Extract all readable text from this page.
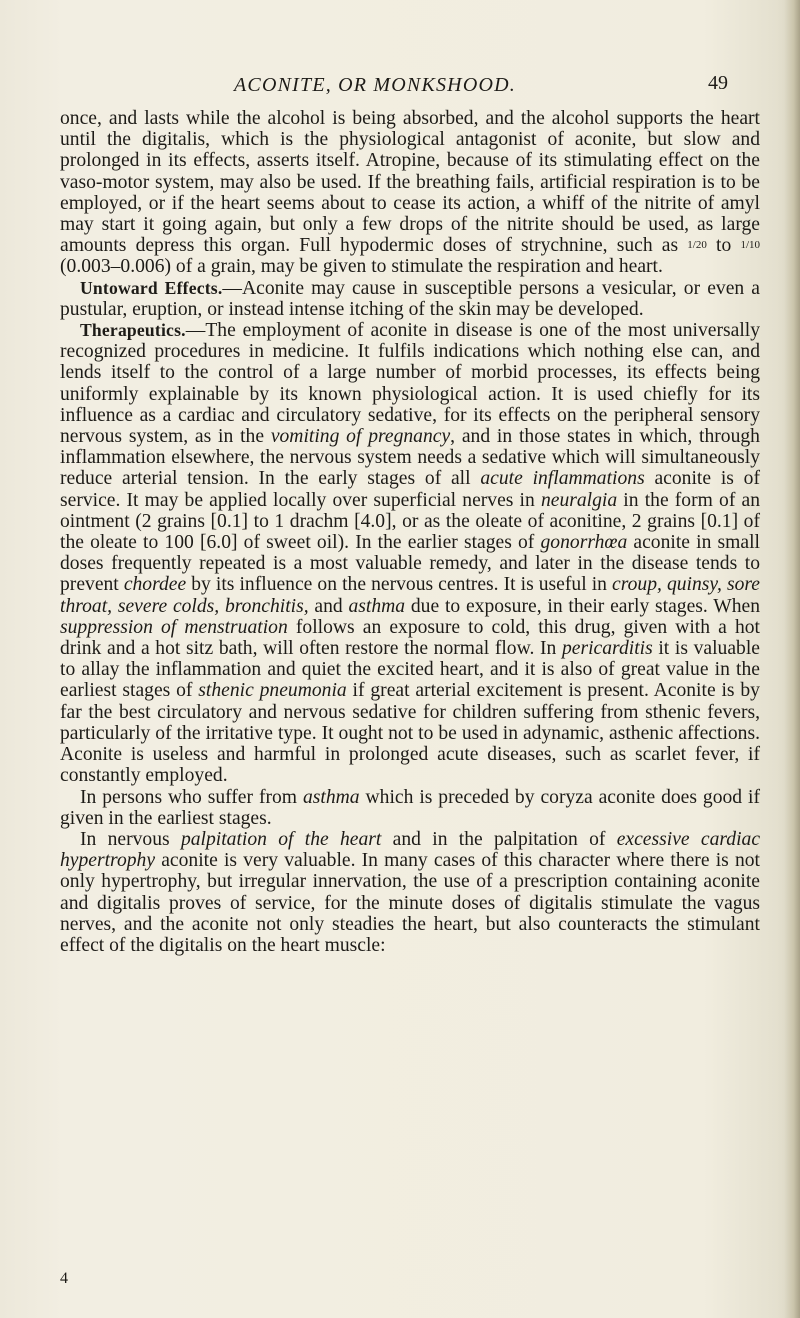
ACONITE, OR MONKSHOOD.	49

once, and lasts while the alcohol is being absorbed, and the alcohol supports the heart until the digitalis, which is the physiological antagonist of aconite, but slow and prolonged in its effects, asserts itself. Atropine, because of its stimulating effect on the vaso-motor system, may also be used. If the breathing fails, artificial respiration is to be employed, or if the heart seems about to cease its action, a whiff of the nitrite of amyl may start it going again, but only a few drops of the nitrite should be used, as large amounts depress this organ. Full hypodermic doses of strychnine, such as 1/20 to 1/10 (0.003–0.006) of a grain, may be given to stimulate the respiration and heart.

Untoward Effects.—Aconite may cause in susceptible persons a vesicular, or even a pustular, eruption, or instead intense itching of the skin may be developed.

Therapeutics.—The employment of aconite in disease is one of the most universally recognized procedures in medicine. It fulfils indications which nothing else can, and lends itself to the control of a large number of morbid processes, its effects being uniformly explainable by its known physiological action. It is used chiefly for its influence as a cardiac and circulatory sedative, for its effects on the peripheral sensory nervous system, as in the vomiting of pregnancy, and in those states in which, through inflammation elsewhere, the nervous system needs a sedative which will simultaneously reduce arterial tension. In the early stages of all acute inflammations aconite is of service. It may be applied locally over superficial nerves in neuralgia in the form of an ointment (2 grains [0.1] to 1 drachm [4.0], or as the oleate of aconitine, 2 grains [0.1] of the oleate to 100 [6.0] of sweet oil). In the earlier stages of gonorrhœa aconite in small doses frequently repeated is a most valuable remedy, and later in the disease tends to prevent chordee by its influence on the nervous centres. It is useful in croup, quinsy, sore throat, severe colds, bronchitis, and asthma due to exposure, in their early stages. When suppression of menstruation follows an exposure to cold, this drug, given with a hot drink and a hot sitz bath, will often restore the normal flow. In pericarditis it is valuable to allay the inflammation and quiet the excited heart, and it is also of great value in the earliest stages of sthenic pneumonia if great arterial excitement is present. Aconite is by far the best circulatory and nervous sedative for children suffering from sthenic fevers, particularly of the irritative type. It ought not to be used in adynamic, asthenic affections. Aconite is useless and harmful in prolonged acute diseases, such as scarlet fever, if constantly employed.

In persons who suffer from asthma which is preceded by coryza aconite does good if given in the earliest stages.

In nervous palpitation of the heart and in the palpitation of excessive cardiac hypertrophy aconite is very valuable. In many cases of this character where there is not only hypertrophy, but irregular innervation, the use of a prescription containing aconite and digitalis proves of service, for the minute doses of digitalis stimulate the vagus nerves, and the aconite not only steadies the heart, but also counteracts the stimulant effect of the digitalis on the heart muscle:

4
